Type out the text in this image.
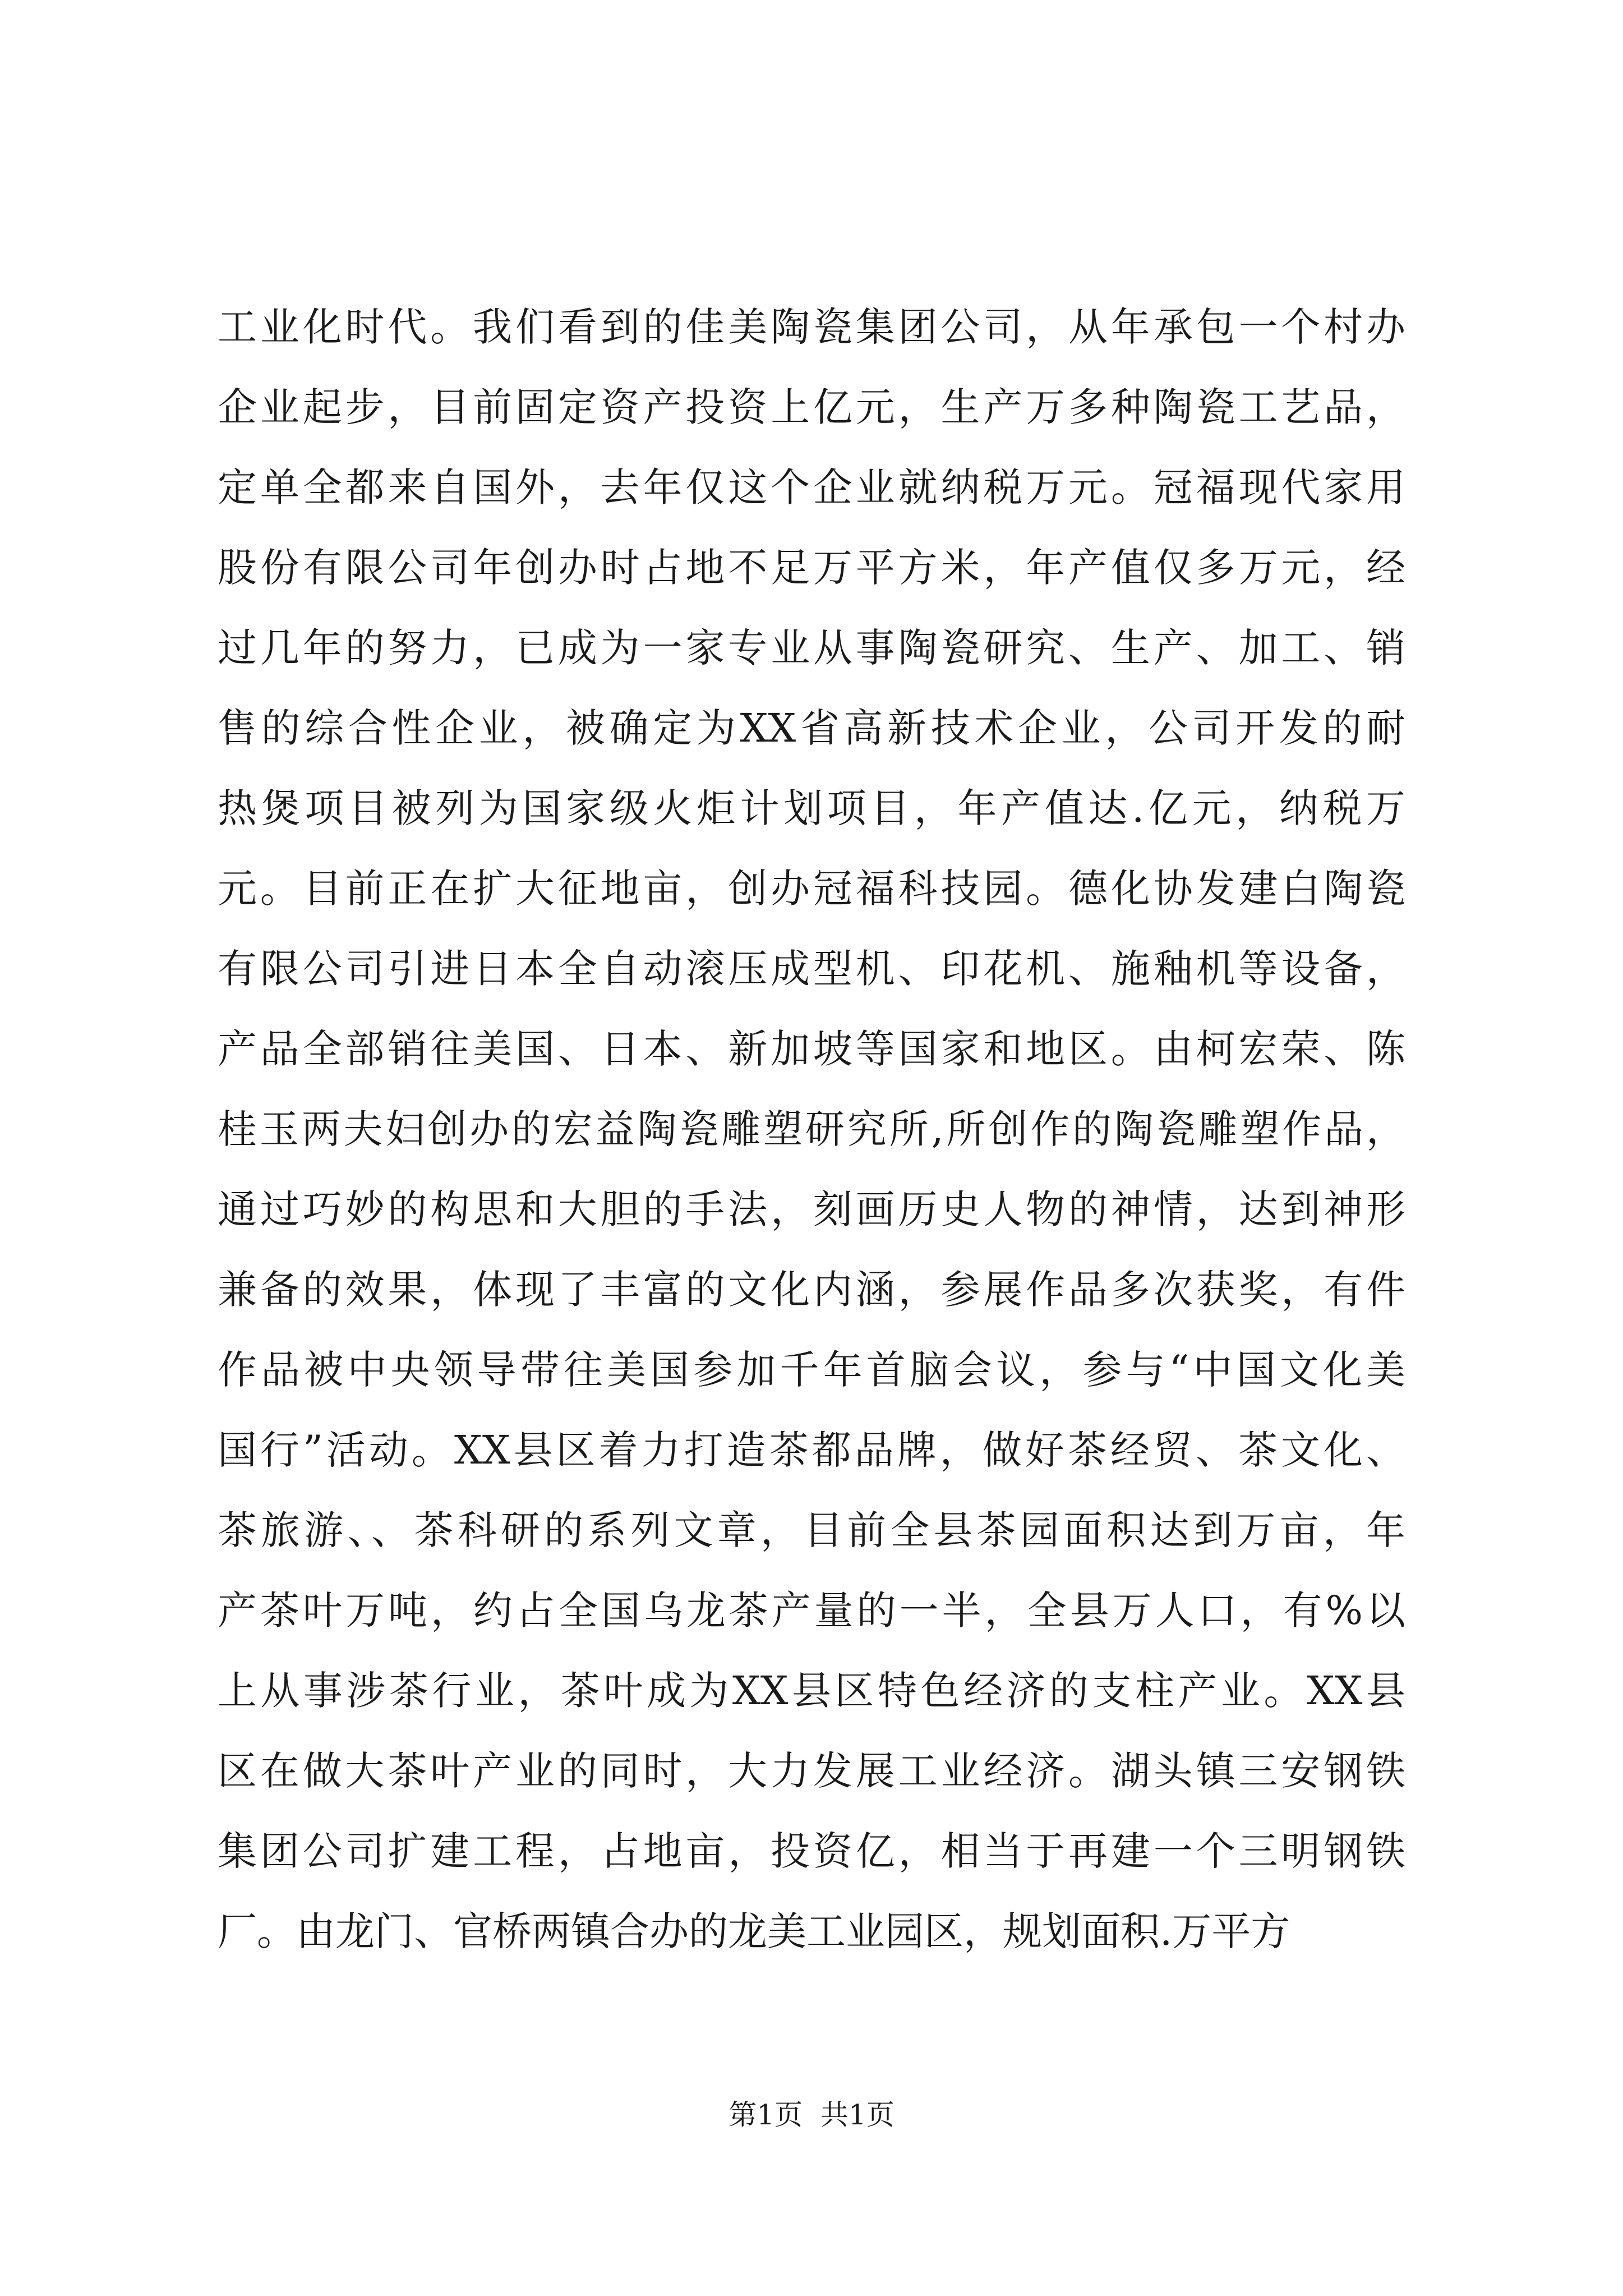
工业化时代。我们看到的佳美陶瓷集团公司，从年承包一个村办
企业起步，目前固定资产投资上亿元，生产万多种陶瓷工艺品，
定单全都来自国外，去年仅这个企业就纳税万元。冠福现代家用
股份有限公司年创办时占地不足万平方米，年产值仅多万元，经
过几年的努力，已成为一家专业从事陶瓷研究、生产、加工、销
售的综合性企业，被确定为XX省高新技术企业，公司开发的耐
热煲项目被列为国家级火炬计划项目，年产值达.亿元，纳税万
元。目前正在扩大征地亩，创办冠福科技园。德化协发建白陶瓷
有限公司引进日本全自动滚压成型机、印花机、施釉机等设备，
产品全部销往美国、日本、新加坡等国家和地区。由柯宏荣、陈
桂玉两夫妇创办的宏益陶瓷雕塑研究所,所创作的陶瓷雕塑作品，
通过巧妙的构思和大胆的手法，刻画历史人物的神情，达到神形
兼备的效果，体现了丰富的文化内涵，参展作品多次获奖，有件
作品被中央领导带往美国参加千年首脑会议，参与“中国文化美
国行”活动。XX县区着力打造茶都品牌，做好茶经贸、茶文化、
茶旅游、、茶科研的系列文章，目前全县茶园面积达到万亩，年
产茶叶万吨，约占全国乌龙茶产量的一半，全县万人口，有%以
上从事涉茶行业，茶叶成为XX县区特色经济的支柱产业。XX县
区在做大茶叶产业的同时，大力发展工业经济。湖头镇三安钢铁
集团公司扩建工程，占地亩，投资亿，相当于再建一个三明钢铁
厂。由龙门、官桥两镇合办的龙美工业园区，规划面积.万平方
第1页  共1页
